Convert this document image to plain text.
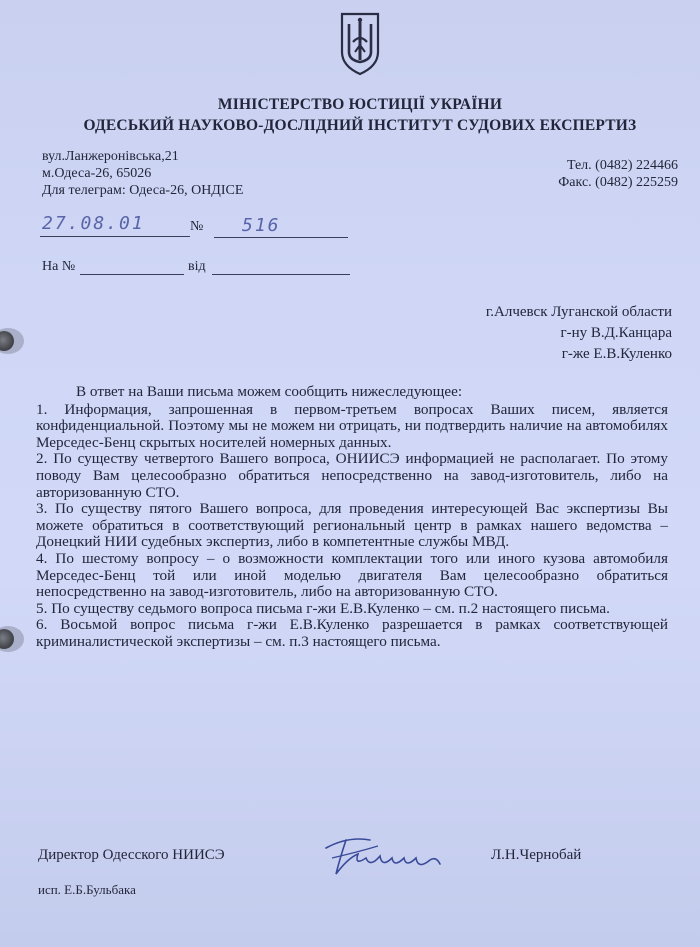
МІНІСТЕРСТВО ЮСТИЦІЇ УКРАЇНИ
ОДЕСЬКИЙ НАУКОВО-ДОСЛІДНИЙ ІНСТИТУТ СУДОВИХ ЕКСПЕРТИЗ
вул.Ланжеронівська,21
м.Одеса-26, 65026
Для телеграм: Одеса-26, ОНДІСЕ
Тел. (0482) 224466
Факс. (0482) 225259
27.08.01	№ 516
На №	від
г.Алчевск Луганской области
г-ну В.Д.Канцара
г-же Е.В.Куленко

В ответ на Ваши письма можем сообщить нижеследующее:

1. Информация, запрошенная в первом-третьем вопросах Ваших писем, является конфиденциальной. Поэтому мы не можем ни отрицать, ни подтвердить наличие на автомобилях Мерседес-Бенц скрытых носителей номерных данных.

2. По существу четвертого Вашего вопроса, ОНИИСЭ информацией не располагает. По этому поводу Вам целесообразно обратиться непосредственно на завод-изготовитель, либо на авторизованную СТО.

3. По существу пятого Вашего вопроса, для проведения интересующей Вас экспертизы Вы можете обратиться в соответствующий региональный центр в рамках нашего ведомства – Донецкий НИИ судебных экспертиз, либо в компетентные службы МВД.

4. По шестому вопросу – о возможности комплектации того или иного кузова автомобиля Мерседес-Бенц той или иной моделью двигателя Вам целесообразно обратиться непосредственно на завод-изготовитель, либо на авторизованную СТО.

5. По существу седьмого вопроса письма г-жи Е.В.Куленко – см. п.2 настоящего письма.

6. Восьмой вопрос письма г-жи Е.В.Куленко разрешается в рамках соответствующей криминалистической экспертизы – см. п.3 настоящего письма.

Директор Одесского НИИСЭ	Л.Н.Чернобай
исп. Е.Б.Бульбака
